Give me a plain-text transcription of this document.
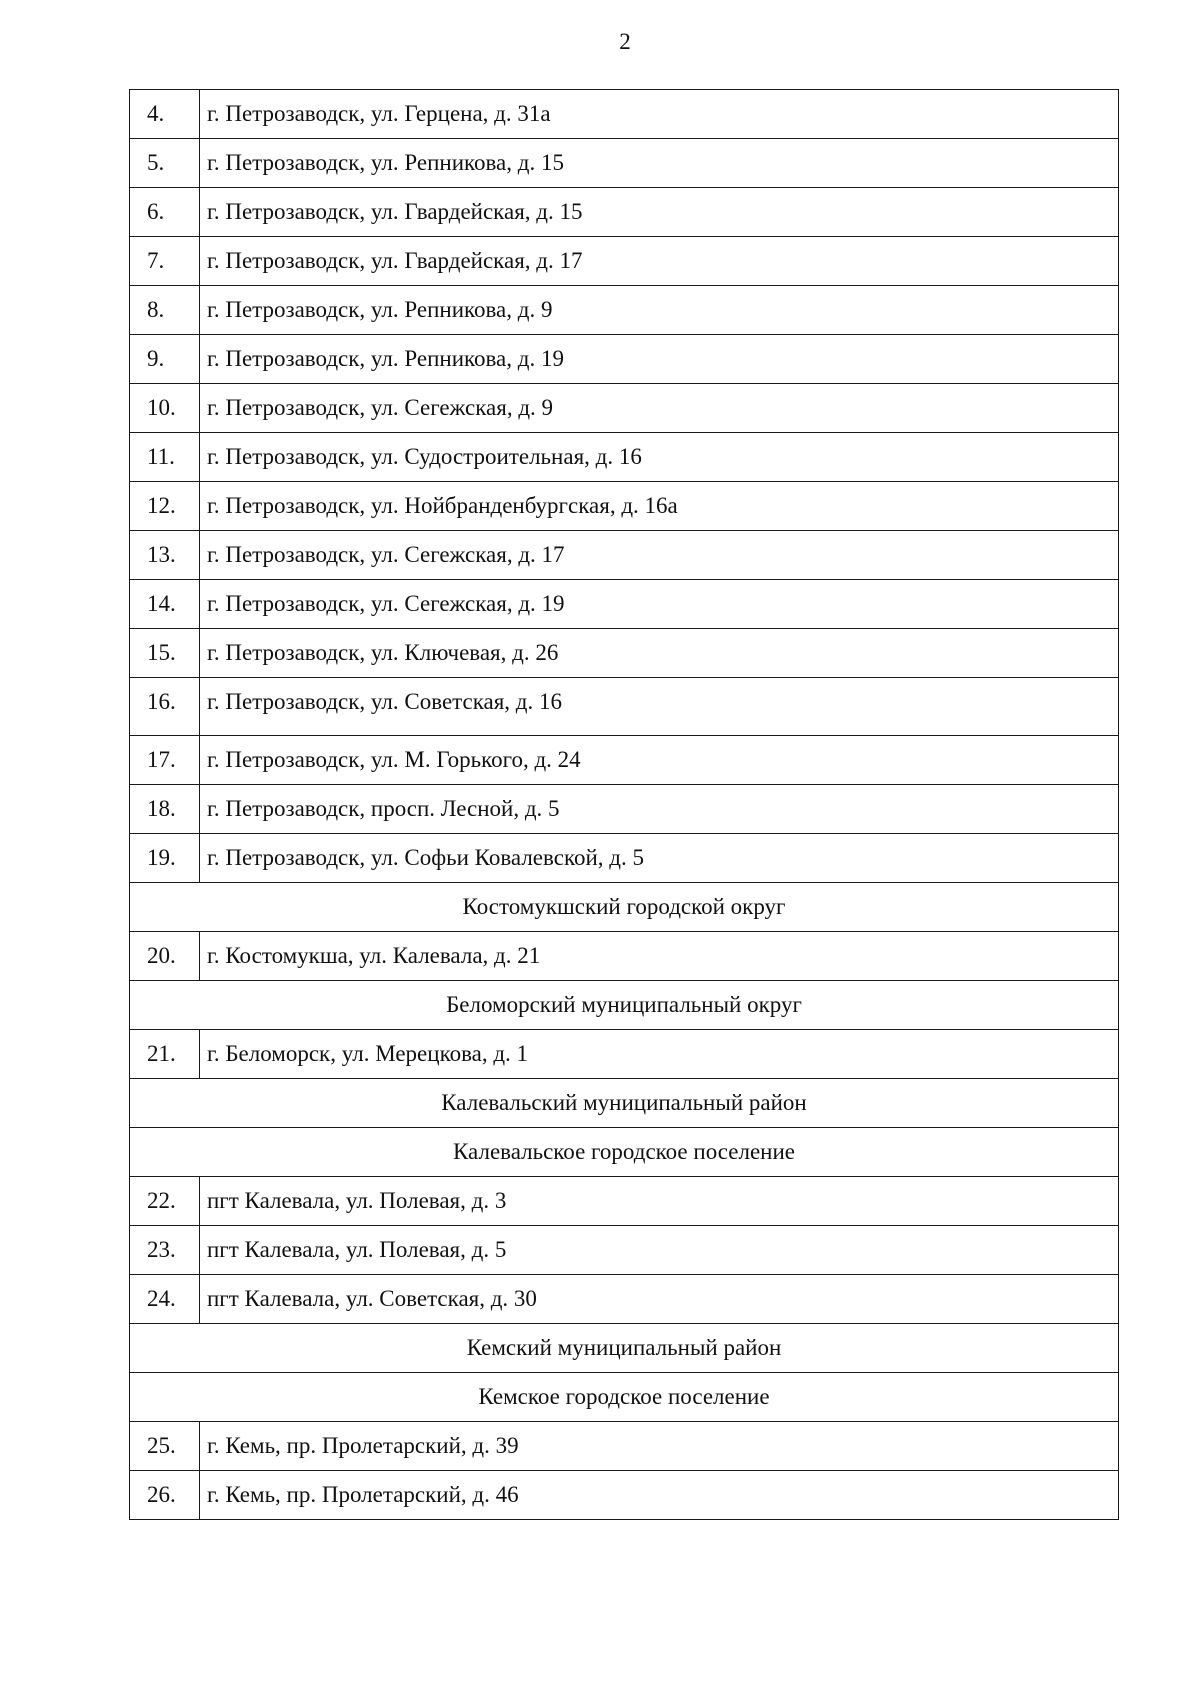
2
4.	г. Петрозаводск, ул. Герцена, д. 31а
5.	г. Петрозаводск, ул. Репникова, д. 15
6.	г. Петрозаводск, ул. Гвардейская, д. 15
7.	г. Петрозаводск, ул. Гвардейская, д. 17
8.	г. Петрозаводск, ул. Репникова, д. 9
9.	г. Петрозаводск, ул. Репникова, д. 19
10.	г. Петрозаводск, ул. Сегежская, д. 9
11.	г. Петрозаводск, ул. Судостроительная, д. 16
12.	г. Петрозаводск, ул. Нойбранденбургская, д. 16а
13.	г. Петрозаводск, ул. Сегежская, д. 17
14.	г. Петрозаводск, ул. Сегежская, д. 19
15.	г. Петрозаводск, ул. Ключевая, д. 26
16.	г. Петрозаводск, ул. Советская, д. 16
17.	г. Петрозаводск, ул. М. Горького, д. 24
18.	г. Петрозаводск, просп. Лесной, д. 5
19.	г. Петрозаводск, ул. Софьи Ковалевской, д. 5
Костомукшский городской округ	
20.	г. Костомукша, ул. Калевала, д. 21
Беломорский муниципальный округ	
21.	г. Беломорск, ул. Мерецкова, д. 1
Калевальский муниципальный район	
Калевальское городское поселение	
22.	пгт Калевала, ул. Полевая, д. 3
23.	пгт Калевала, ул. Полевая, д. 5
24.	пгт Калевала, ул. Советская, д. 30
Кемский муниципальный район	
Кемское городское поселение	
25.	г. Кемь, пр. Пролетарский, д. 39
26.	г. Кемь, пр. Пролетарский, д. 46
